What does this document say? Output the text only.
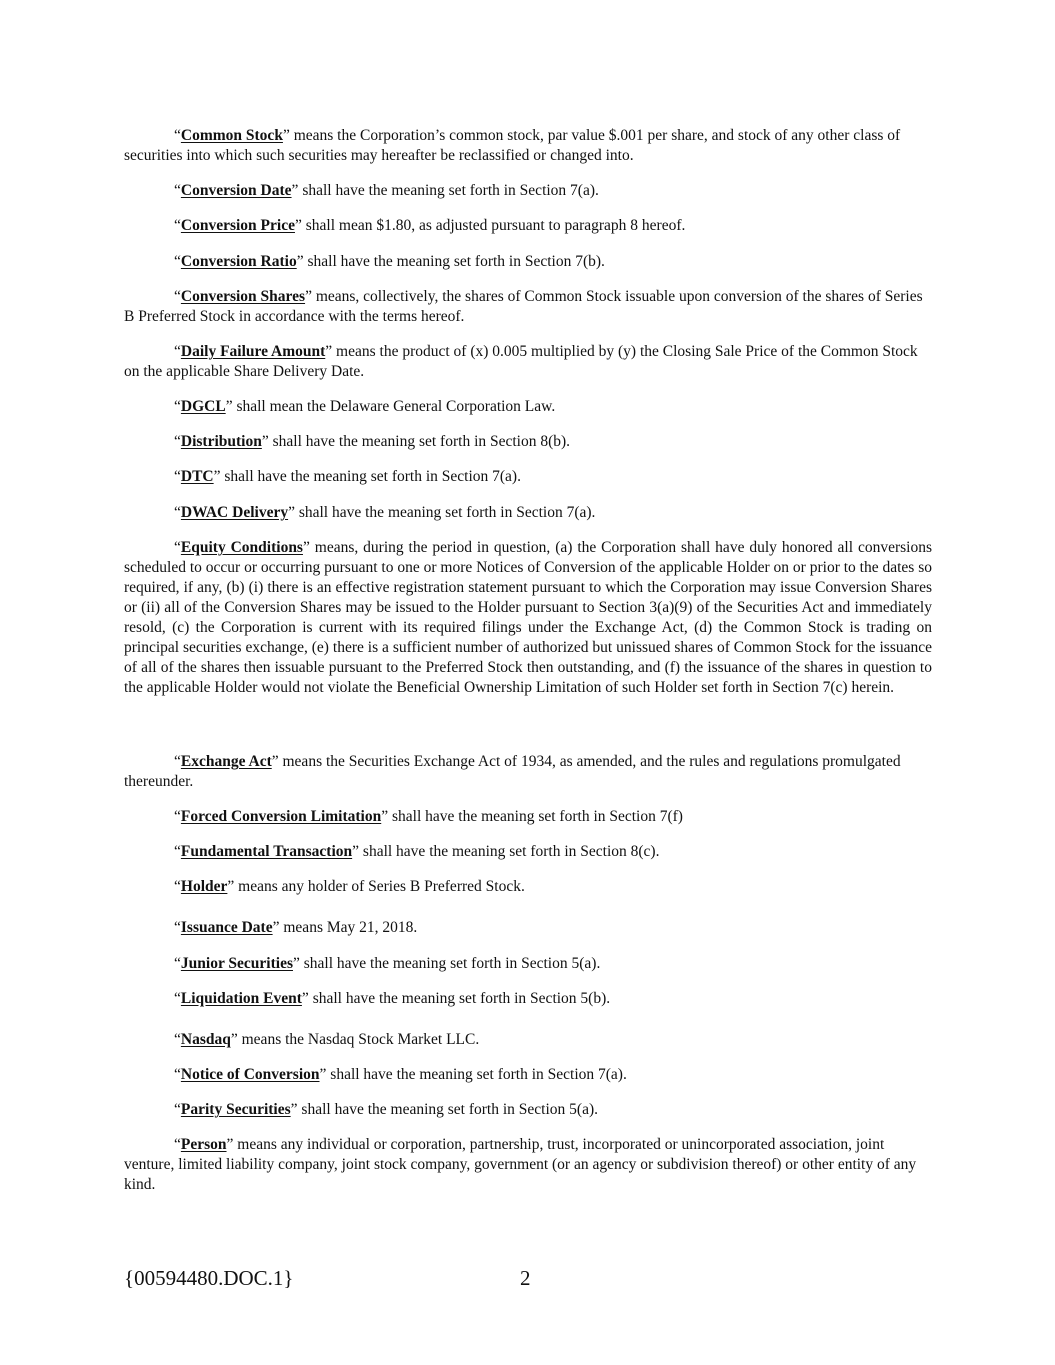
“Common Stock” means the Corporation’s common stock, par value $.001 per share, and stock of any other class of securities into which such securities may hereafter be reclassified or changed into.

“Conversion Date” shall have the meaning set forth in Section 7(a).

“Conversion Price” shall mean $1.80, as adjusted pursuant to paragraph 8 hereof.

“Conversion Ratio” shall have the meaning set forth in Section 7(b).

“Conversion Shares” means, collectively, the shares of Common Stock issuable upon conversion of the shares of Series B Preferred Stock in accordance with the terms hereof.

“Daily Failure Amount” means the product of (x) 0.005 multiplied by (y) the Closing Sale Price of the Common Stock on the applicable Share Delivery Date.

“DGCL” shall mean the Delaware General Corporation Law.

“Distribution” shall have the meaning set forth in Section 8(b).

“DTC” shall have the meaning set forth in Section 7(a).

“DWAC Delivery” shall have the meaning set forth in Section 7(a).

“Equity Conditions” means, during the period in question, (a) the Corporation shall have duly honored all conversions scheduled to occur or occurring pursuant to one or more Notices of Conversion of the applicable Holder on or prior to the dates so required, if any, (b) (i) there is an effective registration statement pursuant to which the Corporation may issue Conversion Shares or (ii) all of the Conversion Shares may be issued to the Holder pursuant to Section 3(a)(9) of the Securities Act and immediately resold, (c) the Corporation is current with its required filings under the Exchange Act, (d) the Common Stock is trading on principal securities exchange, (e) there is a sufficient number of authorized but unissued shares of Common Stock for the issuance of all of the shares then issuable pursuant to the Preferred Stock then outstanding, and (f) the issuance of the shares in question to the applicable Holder would not violate the Beneficial Ownership Limitation of such Holder set forth in Section 7(c) herein.

“Exchange Act” means the Securities Exchange Act of 1934, as amended, and the rules and regulations promulgated thereunder.

“Forced Conversion Limitation” shall have the meaning set forth in Section 7(f)

“Fundamental Transaction” shall have the meaning set forth in Section 8(c).

“Holder” means any holder of Series B Preferred Stock.

“Issuance Date” means May 21, 2018.

“Junior Securities” shall have the meaning set forth in Section 5(a).

“Liquidation Event” shall have the meaning set forth in Section 5(b).

“Nasdaq” means the Nasdaq Stock Market LLC.

“Notice of Conversion” shall have the meaning set forth in Section 7(a).

“Parity Securities” shall have the meaning set forth in Section 5(a).

“Person” means any individual or corporation, partnership, trust, incorporated or unincorporated association, joint venture, limited liability company, joint stock company, government (or an agency or subdivision thereof) or other entity of any kind.

{00594480.DOC.1}	2
